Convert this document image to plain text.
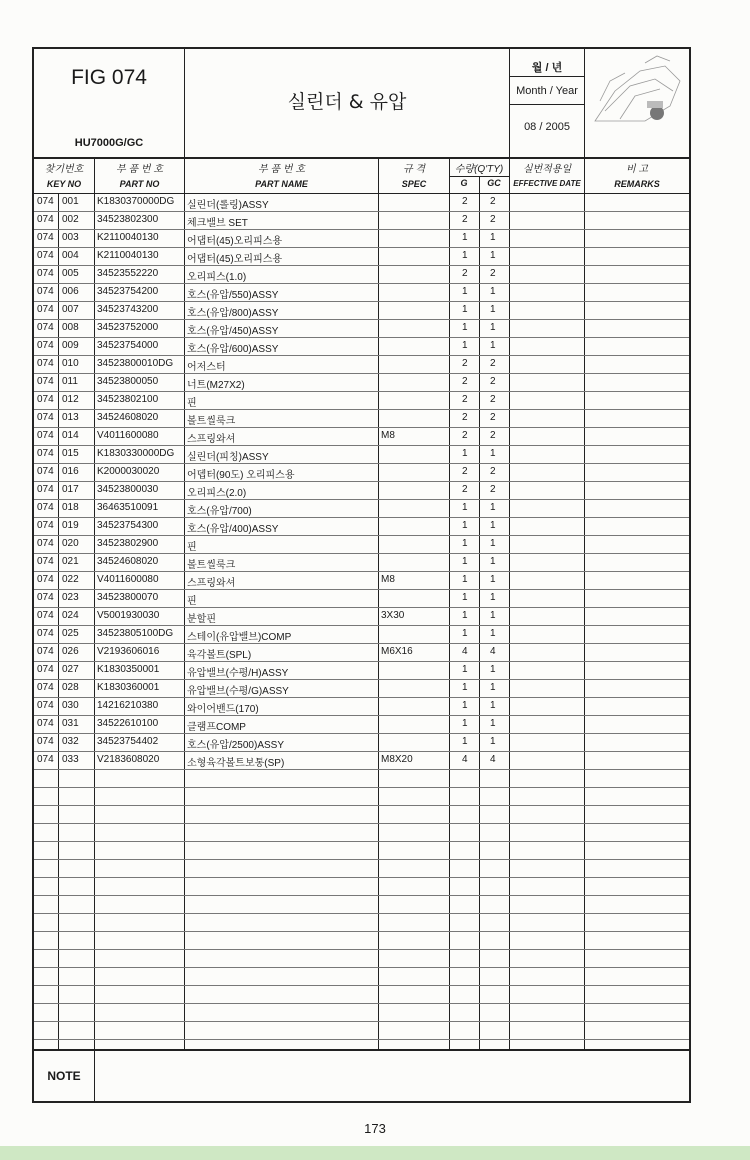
FIG 074
HU7000G/GC
실린더 & 유압
월 / 년
Month / Year
08 / 2005
찾기번호
KEY NO
부 품 번 호
PART NO
부 품 번 호
PART NAME
규 격
SPEC
수량(Q'TY)
G	GC
실번적용일
EFFECTIVE DATE
비 고
REMARKS
074 001 K1830370000DG 실린더(롤링)ASSY	2 2
074 002 34523802300	체크밸브 SET	2 2
074 003 K2110040130	어댑터(45)오리피스용	1 1
074 004 K2110040130	어댑터(45)오리피스용	1 1
074 005 34523552220	오리피스(1.0)	2 2
074 006 34523754200	호스(유압/550)ASSY	1 1
074 007 34523743200	호스(유압/800)ASSY	1 1
074 008 34523752000	호스(유압/450)ASSY	1 1
074 009 34523754000	호스(유압/600)ASSY	1 1
074 010 34523800010DG 어저스터	2 2
074 011 34523800050	너트(M27X2)	2 2
074 012 34523802100	핀	2 2
074 013 34524608020	볼트씰룩크	2 2
074 014 V4011600080	스프링와셔	M8	2 2
074 015 K1830330000DG 실린더(피칭)ASSY	1 1
074 016 K2000030020	어뎁터(90도) 오리피스용	2 2
074 017 34523800030	오리피스(2.0)	2 2
074 018 36463510091	호스(유압/700)	1 1
074 019 34523754300	호스(유압/400)ASSY	1 1
074 020 34523802900	핀	1 1
074 021 34524608020	볼트씰룩크	1 1
074 022 V4011600080	스프링와셔	M8	1 1
074 023 34523800070	핀	1 1
074 024 V5001930030	분할핀	3X30	1 1
074 025 34523805100DG 스테이(유압밸브)COMP	1 1
074 026 V2193606016	육각볼트(SPL)	M6X16	4 4
074 027 K1830350001	유압밸브(수평/H)ASSY	1 1
074 028 K1830360001	유압밸브(수평/G)ASSY	1 1
074 030 14216210380	와이어밴드(170)	1 1
074 031 34522610100	클램프COMP	1 1
074 032 34523754402	호스(유압/2500)ASSY	1 1
074 033 V2183608020	소형육각볼트보통(SP)	M8X20	4 4
NOTE
173
